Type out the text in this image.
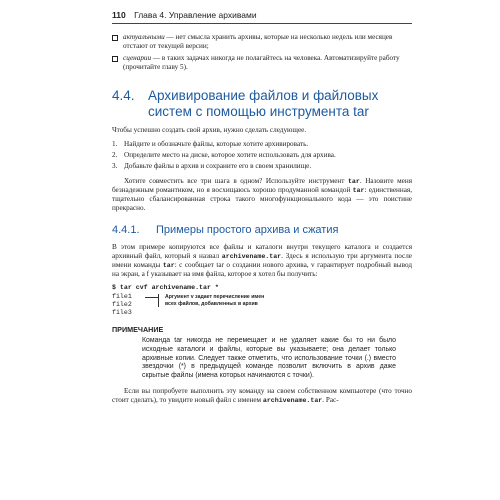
110 Глава 4. Управление архивами
актуальными — нет смысла хранить архивы, которые на несколько недель или месяцев отстают от текущей версии;
сценарии — в таких задачах никогда не полагайтесь на человека. Автоматизируйте работу (прочитайте главу 5).
4.4. Архивирование файлов и файловых систем с помощью инструмента tar

Чтобы успешно создать свой архив, нужно сделать следующее.

1. Найдите и обозначьте файлы, которые хотите архивировать.
2. Определите место на диске, которое хотите использовать для архива.
3. Добавьте файлы в архив и сохраните его в своем хранилище.

Хотите совместить все три шага в одном? Используйте инструмент tar. Назовите меня безнадежным романтиком, но я восхищаюсь хорошо продуманной командой tar: единственная, тщательно сбалансированная строка такого многофункционального кода — это поистине прекрасно.

4.4.1.	Примеры простого архива и сжатия

В этом примере копируются все файлы и каталоги внутри текущего каталога и создается архивный файл, который я назвал archivename.tar. Здесь я использую три аргумента после имени команды tar: c сообщает tar о создании нового архива, v гарантирует подробный вывод на экран, а f указывает на имя файла, которое я хотел бы получить:

$ tar cvf archivename.tar *
file1
file2
file3
Аргумент v задает перечисление имен
всех файлов, добавленных в архив
ПРИМЕЧАНИЕ
Команда tar никогда не перемещает и не удаляет какие бы то ни было исходные каталоги и файлы, которые вы указываете; она делает только архивные копии. Следует также отметить, что использование точки (.) вместо звездочки (*) в предыдущей команде позволит включить в архив даже скрытые файлы (имена которых начинаются с точки).

Если вы попробуете выполнить эту команду на своем собственном компьютере (что точно стоит сделать), то увидите новый файл с именем archivename.tar. Рас-
